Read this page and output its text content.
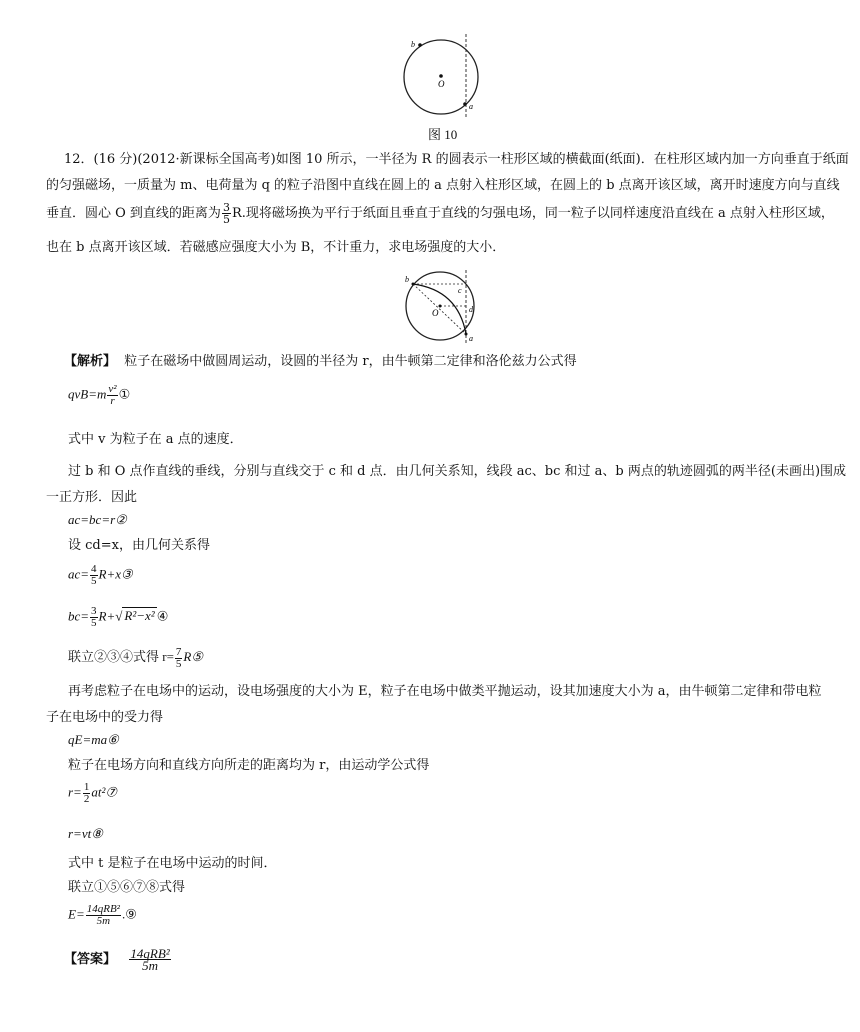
b
O
a
图 10
12．(16 分)(2012·新课标全国高考)如图 10 所示，一半径为 R 的圆表示一柱形区域的横截面(纸面)．在柱形区域内加一方向垂直于纸面
的匀强磁场，一质量为 m、电荷量为 q 的粒子沿图中直线在圆上的 a 点射入柱形区域，在圆上的 b 点离开该区域，离开时速度方向与直线
垂直．圆心 O 到直线的距离为 $\frac{3}{5} R$.现将磁场换为平行于纸面且垂直于直线的匀强电场，同一粒子以同样速度沿直线在 a 点射入柱形区域，
也在 b 点离开该区域．若磁感应强度大小为 B，不计重力，求电场强度的大小．
b
c
O	d
a
【解析】 粒子在磁场中做圆周运动，设圆的半径为 r，由牛顿第二定律和洛伦兹力公式得
$qvB=m \frac{\text{v²}}{r}$ ①
式中 v 为粒子在 a 点的速度．
过 b 和 O 点作直线的垂线，分别与直线交于 c 和 d 点．由几何关系知，线段 ac、bc 和过 a、b 两点的轨迹圆弧的两半径(未画出)围成
一正方形．因此
ac=bc=r②
设 cd=x，由几何关系得
$ac= \frac{4}{5}$ R+x③
$bc= \frac{3}{5} R+√$ R²−x² ④
联立②③④式得 $r= \frac{7}{5}$ R⑤
再考虑粒子在电场中的运动，设电场强度的大小为 E，粒子在电场中做类平抛运动，设其加速度大小为 a，由牛顿第二定律和带电粒
子在电场中的受力得
qE=ma⑥
粒子在电场方向和直线方向所走的距离均为 r，由运动学公式得
$r= \frac{1}{2}$ at²⑦
r=vt⑧
式中 t 是粒子在电场中运动的时间．
联立①⑤⑥⑦⑧式得
$E= \frac{\text{14qRB²}}{5m}$ .⑨
【答案】 $\frac{\text{14qRB²}}{5m}$
